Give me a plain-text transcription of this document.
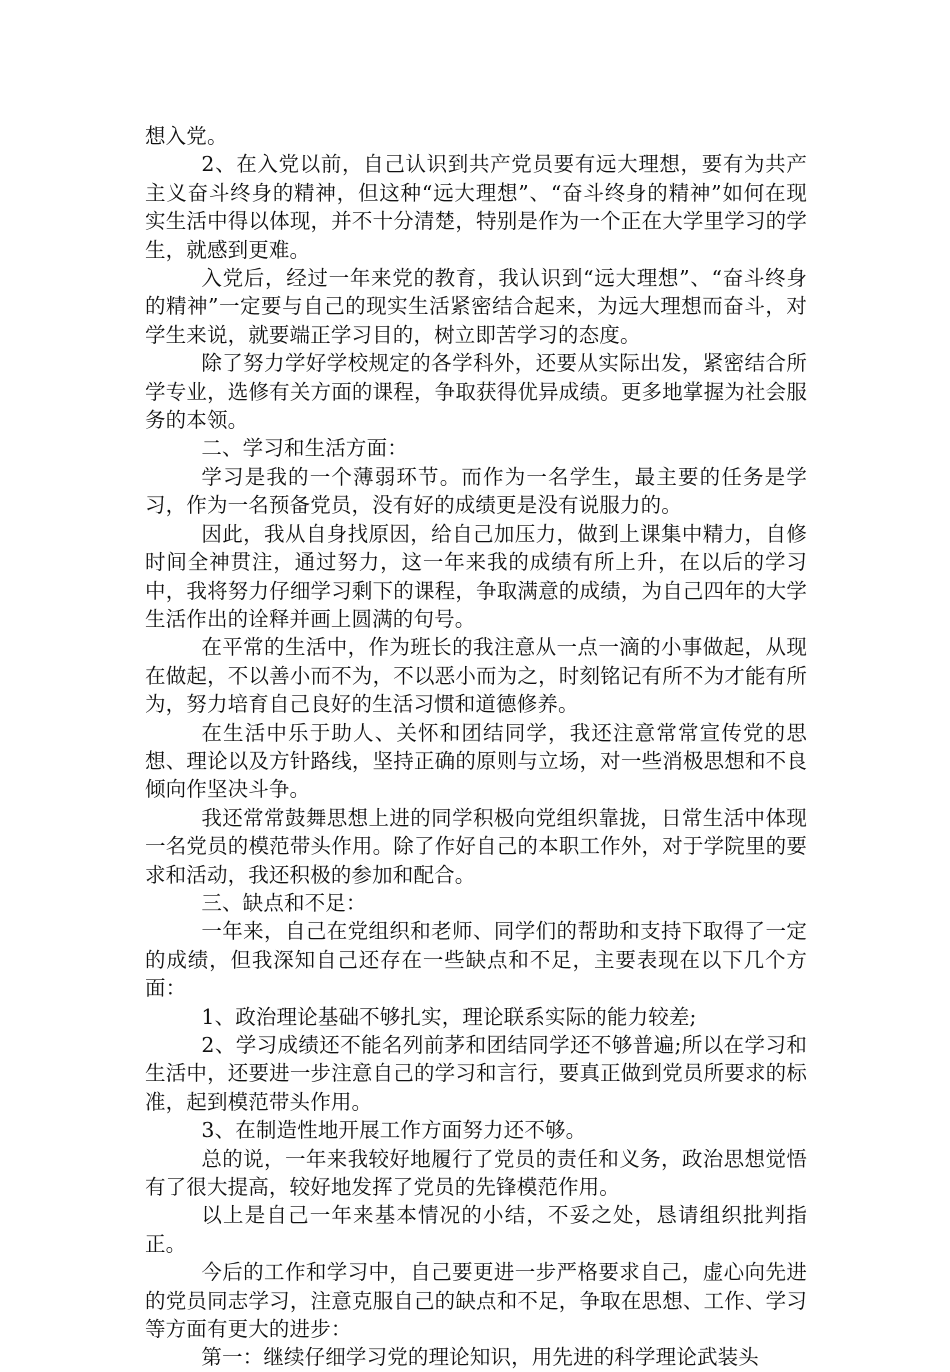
想入党。

2、在入党以前，自己认识到共产党员要有远大理想，要有为共产主义奋斗终身的精神，但这种“远大理想”、“奋斗终身的精神”如何在现实生活中得以体现，并不十分清楚，特别是作为一个正在大学里学习的学生，就感到更难。

入党后，经过一年来党的教育，我认识到“远大理想”、“奋斗终身的精神”一定要与自己的现实生活紧密结合起来，为远大理想而奋斗，对学生来说，就要端正学习目的，树立即苦学习的态度。

除了努力学好学校规定的各学科外，还要从实际出发，紧密结合所学专业，选修有关方面的课程，争取获得优异成绩。更多地掌握为社会服务的本领。

二、学习和生活方面：

学习是我的一个薄弱环节。而作为一名学生，最主要的任务是学习，作为一名预备党员，没有好的成绩更是没有说服力的。

因此，我从自身找原因，给自己加压力，做到上课集中精力，自修时间全神贯注，通过努力，这一年来我的成绩有所上升，在以后的学习中，我将努力仔细学习剩下的课程，争取满意的成绩，为自己四年的大学生活作出的诠释并画上圆满的句号。

在平常的生活中，作为班长的我注意从一点一滴的小事做起，从现在做起，不以善小而不为，不以恶小而为之，时刻铭记有所不为才能有所为，努力培育自己良好的生活习惯和道德修养。

在生活中乐于助人、关怀和团结同学，我还注意常常宣传党的思想、理论以及方针路线，坚持正确的原则与立场，对一些消极思想和不良倾向作坚决斗争。

我还常常鼓舞思想上进的同学积极向党组织靠拢，日常生活中体现一名党员的模范带头作用。除了作好自己的本职工作外，对于学院里的要求和活动，我还积极的参加和配合。

三、缺点和不足：

一年来，自己在党组织和老师、同学们的帮助和支持下取得了一定的成绩，但我深知自己还存在一些缺点和不足，主要表现在以下几个方面：

1、政治理论基础不够扎实，理论联系实际的能力较差;

2、学习成绩还不能名列前茅和团结同学还不够普遍;所以在学习和生活中，还要进一步注意自己的学习和言行，要真正做到党员所要求的标准，起到模范带头作用。

3、在制造性地开展工作方面努力还不够。

总的说，一年来我较好地履行了党员的责任和义务，政治思想觉悟有了很大提高，较好地发挥了党员的先锋模范作用。

以上是自己一年来基本情况的小结，不妥之处，恳请组织批判指正。

今后的工作和学习中，自己要更进一步严格要求自己，虚心向先进的党员同志学习，注意克服自己的缺点和不足，争取在思想、工作、学习等方面有更大的进步：

第一：继续仔细学习党的理论知识，用先进的科学理论武装头
